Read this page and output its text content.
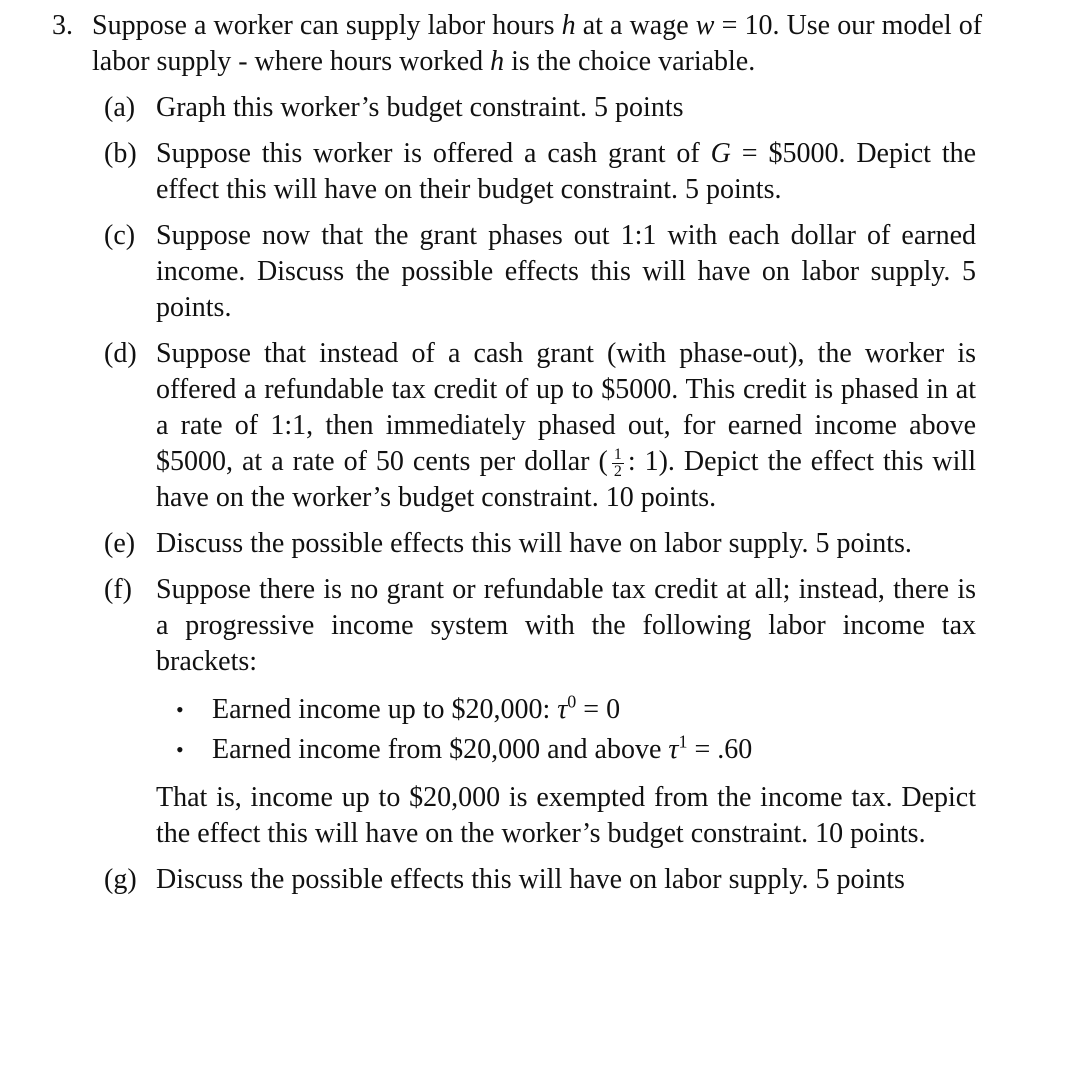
3. Suppose a worker can supply labor hours h at a wage w = 10. Use our model of labor supply - where hours worked h is the choice variable.
(a) Graph this worker’s budget constraint. 5 points
(b) Suppose this worker is offered a cash grant of G = $5000. Depict the effect this will have on their budget constraint. 5 points.
(c) Suppose now that the grant phases out 1:1 with each dollar of earned income. Discuss the possible effects this will have on labor supply. 5 points.
(d) Suppose that instead of a cash grant (with phase-out), the worker is offered a refundable tax credit of up to $5000. This credit is phased in at a rate of 1:1, then immediately phased out, for earned income above $5000, at a rate of 50 cents per dollar ( $\frac{1}{2}$ : 1). Depict the effect this will have on the worker’s budget constraint. 10 points.
(e) Discuss the possible effects this will have on labor supply. 5 points.
(f) Suppose there is no grant or refundable tax credit at all; instead, there is a progressive income system with the following labor income tax brackets:
•	Earned income up to $20,000: $\tau^0 = 0$
•	Earned income from $20,000 and above $\tau^1 = .60$
That is, income up to $20,000 is exempted from the income tax. Depict the effect this will have on the worker’s budget constraint. 10 points.
(g) Discuss the possible effects this will have on labor supply. 5 points
